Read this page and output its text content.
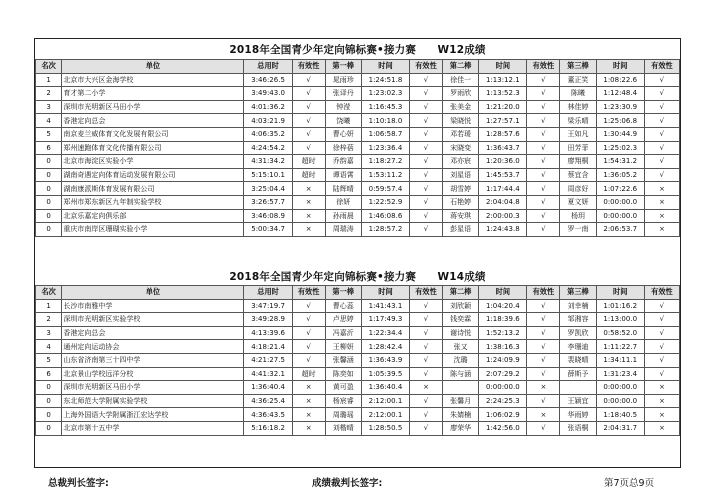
2018年全国青少年定向锦标赛•接力赛　　W12成绩
名次	单位	总用时	有效性	第一棒	时间	有效性	第二棒	时间	有效性	第三棒	时间	有效性
1	北京市大兴区金海学校	3:46:26.5	√	晁雨珍	1:24:51.8	√	徐佳一	1:13:12.1	√	董正笑	1:08:22.6	√
2	育才第二小学	3:49:43.0	√	张译丹	1:23:02.3	√	罗雨欣	1:13:52.3	√	陈曦	1:12:48.4	√
3	深圳市光明新区马田小学	4:01:36.2	√	钟滢	1:16:45.3	√	张美金	1:21:20.0	√	林佳婷	1:23:30.9	√
4	香港定向总会	4:03:21.9	√	饶曦	1:10:18.0	√	梁晓悦	1:27:57.1	√	梁乐晴	1:25:06.8	√
5	南京麦兰威体育文化发展有限公司	4:06:35.2	√	曹心妍	1:06:58.7	√	邓若瑗	1:28:57.6	√	王如凡	1:30:44.9	√
6	郑州速跑体育文化传播有限公司	4:24:54.2	√	徐梓蓓	1:23:36.4	√	宋晓变	1:36:43.7	√	田芳菲	1:25:02.3	√
0	北京市海淀区实验小学	4:31:34.2	超时	乔韵嘉	1:18:27.2	√	邓亦宸	1:20:36.0	√	廖翔桐	1:54:31.2	√
0	湖南奇遇定向体育运动发展有限公司	5:15:10.1	超时	谭语霄	1:53:11.2	√	刘星语	1:45:53.7	√	蔡宜含	1:36:05.2	√
0	湖南康派斯体育发展有限公司	3:25:04.4	×	陆辉晴	0:59:57.4	√	胡雪婷	1:17:44.4	√	周彦好	1:07:22.6	×
0	郑州市郑东新区九年制实验学校	3:26:57.7	×	徐妍	1:22:52.9	√	石艳婷	2:04:04.8	√	夏文妍	0:00:00.0	×
0	北京乐嘉定向俱乐部	3:46:08.9	×	孙雨晨	1:46:08.6	√	蒋安琪	2:00:00.3	√	杨玥	0:00:00.0	×
0	重庆市南岸区珊瑚实验小学	5:00:34.7	×	周瑞涛	1:28:57.2	√	彭星语	1:24:43.8	√	罗一南	2:06:53.7	×
2018年全国青少年定向锦标赛•接力赛　　W14成绩
名次	单位	总用时	有效性	第一棒	时间	有效性	第二棒	时间	有效性	第三棒	时间	有效性
1	长沙市南雅中学	3:47:19.7	√	曹心蕊	1:41:43.1	√	刘欣颖	1:04:20.4	√	刘幸楠	1:01:16.2	√
2	深圳市光明新区实验学校	3:49:28.9	√	卢思婷	1:17:49.3	√	钱奕霖	1:18:39.6	√	邹湘容	1:13:00.0	√
3	香港定向总会	4:13:39.6	√	冯嘉沂	1:22:34.4	√	谢诗悦	1:52:13.2	√	罗凯欣	0:58:52.0	√
4	通州定向运动协会	4:18:21.4	√	王柳妍	1:28:42.4	√	张又	1:38:16.3	√	李珊迪	1:11:22.7	√
5	山东省济南第三十四中学	4:21:27.5	√	张馨涵	1:36:43.9	√	沈璐	1:24:09.9	√	裴晓晴	1:34:11.1	√
6	北京景山学校远洋分校	4:41:32.1	超时	陈奕如	1:05:39.5	√	陈与涵	2:07:29.2	√	薛斯予	1:31:23.4	√
0	深圳市光明新区马田小学	1:36:40.4	×	黄可盈	1:36:40.4	×		0:00:00.0	×		0:00:00.0	×
0	东北师范大学附属实验学校	4:36:25.4	×	杨宸睿	2:12:00.1	√	张馨月	2:24:25.3	√	王颖宜	0:00:00.0	×
0	上海外国语大学附属浙江宏达学校	4:36:43.5	×	周璐瑶	2:12:00.1	√	朱婧楠	1:06:02.9	×	华雨婷	1:18:40.5	×
0	北京市第十五中学	5:16:18.2	×	刘楷晴	1:28:50.5	√	廖荣华	1:42:56.0	√	张语桐	2:04:31.7	×
总裁判长签字:	成绩裁判长签字:	第7页总9页
